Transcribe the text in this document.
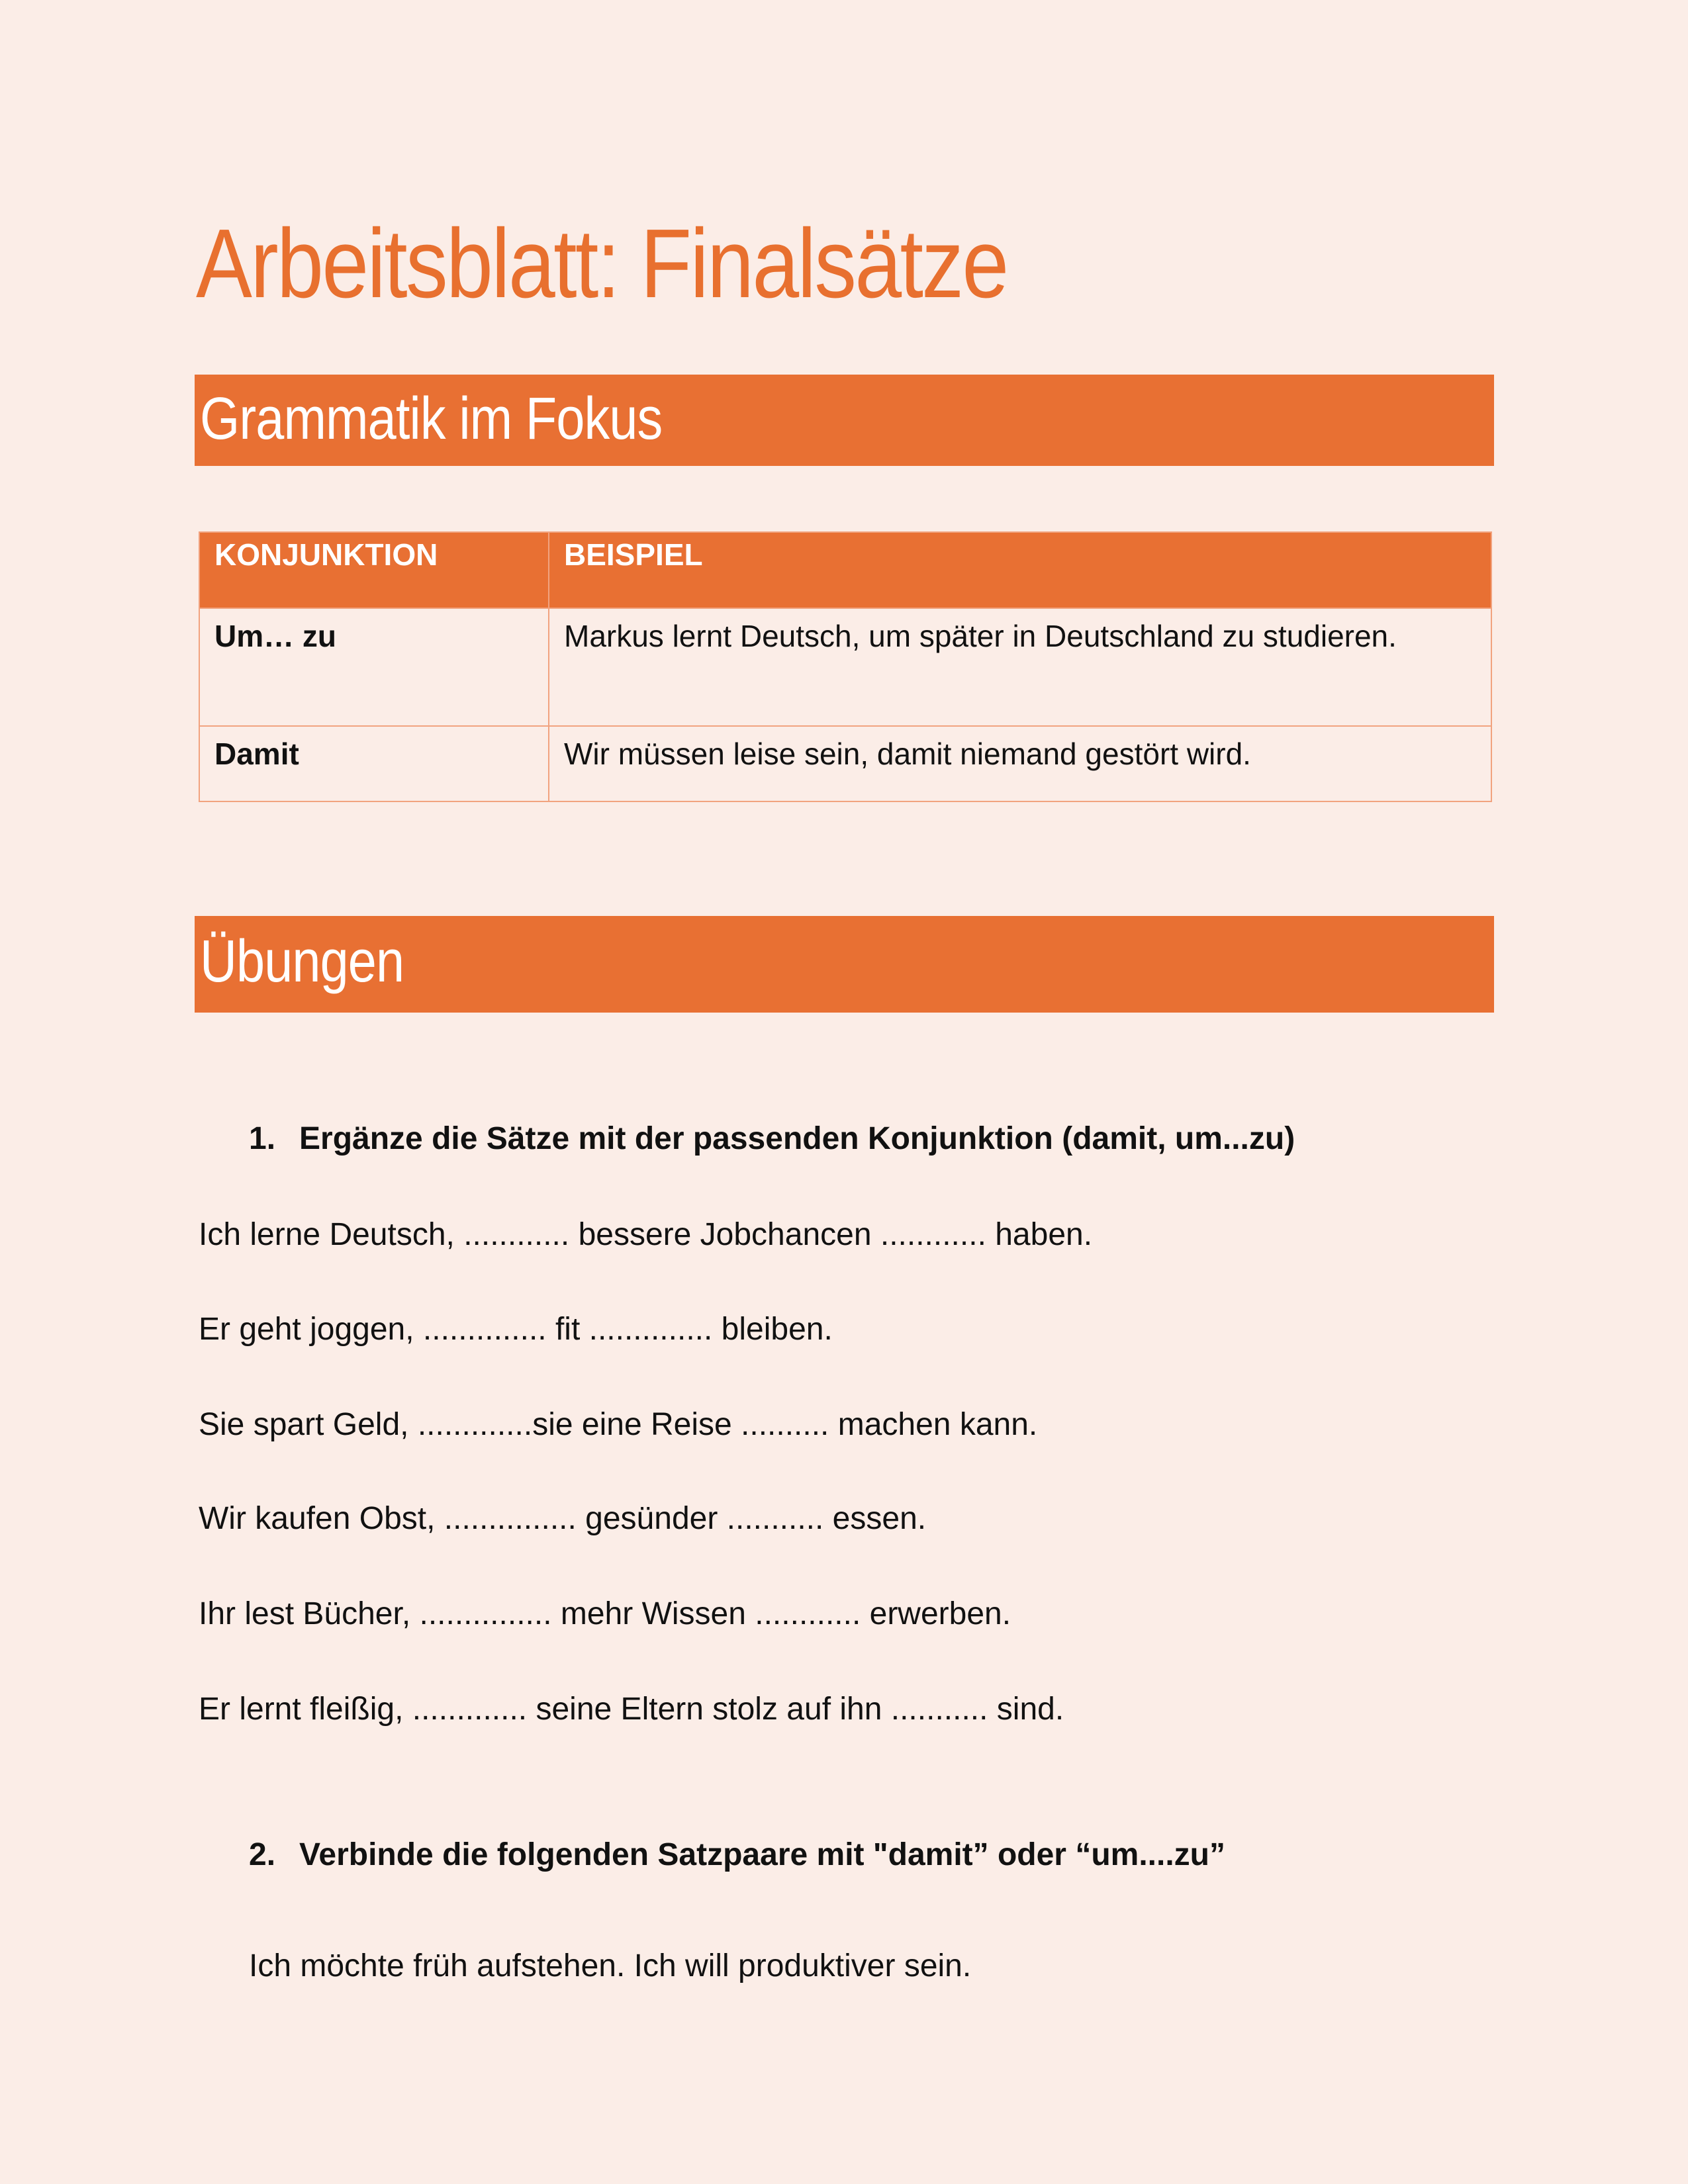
Arbeitsblatt: Finalsätze
Grammatik im Fokus
KONJUNKTION	BEISPIEL
Um… zu	Markus lernt Deutsch, um später in Deutschland zu studieren.
Damit	Wir müssen leise sein, damit niemand gestört wird.
Übungen

1. Ergänze die Sätze mit der passenden Konjunktion (damit, um...zu)

Ich lerne Deutsch, ............ bessere Jobchancen ............ haben.

Er geht joggen, .............. fit .............. bleiben.

Sie spart Geld, .............sie eine Reise .......... machen kann.

Wir kaufen Obst, ............... gesünder ........... essen.

Ihr lest Bücher, ............... mehr Wissen ............ erwerben.

Er lernt fleißig, ............. seine Eltern stolz auf ihn ........... sind.

2. Verbinde die folgenden Satzpaare mit "damit” oder “um....zu”

Ich möchte früh aufstehen. Ich will produktiver sein.
